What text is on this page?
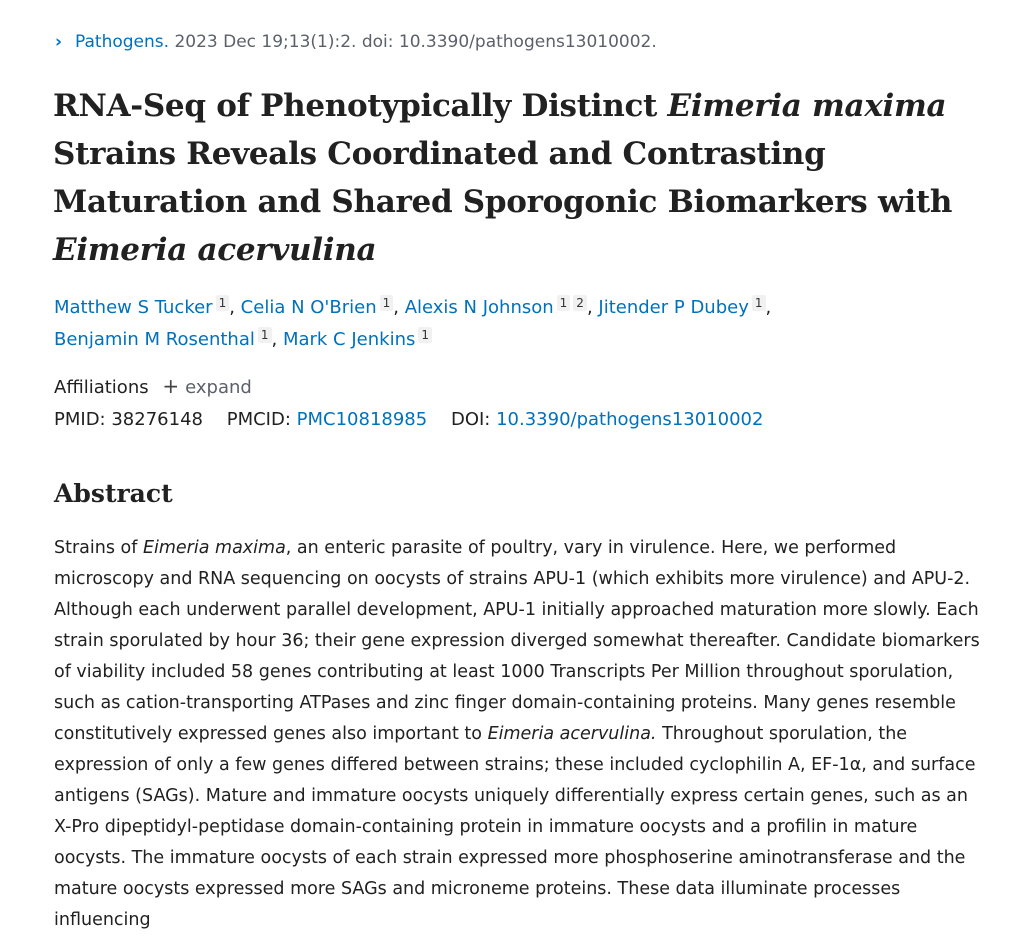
› Pathogens. 2023 Dec 19;13(1):2. doi: 10.3390/pathogens13010002.
RNA-Seq of Phenotypically Distinct Eimeria maxima Strains Reveals Coordinated and Contrasting Maturation and Shared Sporogonic Biomarkers with Eimeria acervulina
Matthew S Tucker 1 , Celia N O'Brien 1 , Alexis N Johnson 1 2 , Jitender P Dubey 1 ,
Benjamin M Rosenthal 1 , Mark C Jenkins 1
Affiliations + expand
PMID: 38276148 PMCID: PMC10818985 DOI: 10.3390/pathogens13010002
Abstract

Strains of Eimeria maxima, an enteric parasite of poultry, vary in virulence. Here, we performed microscopy and RNA sequencing on oocysts of strains APU-1 (which exhibits more virulence) and APU-2. Although each underwent parallel development, APU-1 initially approached maturation more slowly. Each strain sporulated by hour 36; their gene expression diverged somewhat thereafter. Candidate biomarkers of viability included 58 genes contributing at least 1000 Transcripts Per Million throughout sporulation, such as cation-transporting ATPases and zinc finger domain-containing proteins. Many genes resemble constitutively expressed genes also important to Eimeria acervulina. Throughout sporulation, the expression of only a few genes differed between strains; these included cyclophilin A, EF-1α, and surface antigens (SAGs). Mature and immature oocysts uniquely differentially express certain genes, such as an X-Pro dipeptidyl-peptidase domain-containing protein in immature oocysts and a profilin in mature oocysts. The immature oocysts of each strain expressed more phosphoserine aminotransferase and the mature oocysts expressed more SAGs and microneme proteins. These data illuminate processes influencing
